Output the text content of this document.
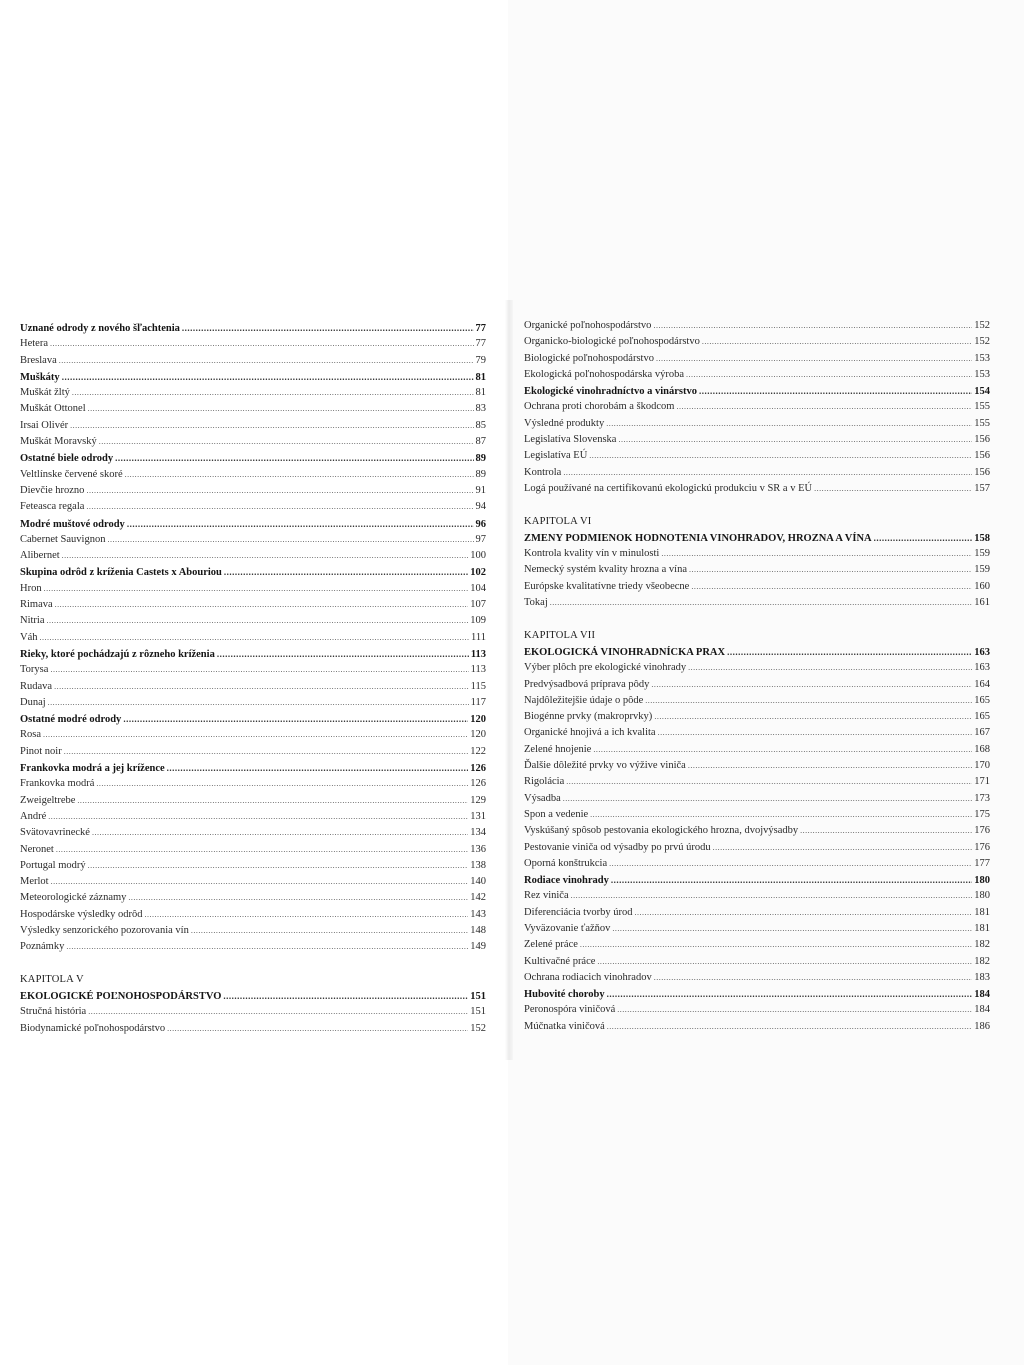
Uznané odrody z nového šľachtenia .....	77
Hetera .....	77
Breslava .....	79
Muškáty .....	81
Muškát žltý .....	81
Muškát Ottonel .....	83
Irsai Olivér .....	85
Muškát Moravský .....	87
Ostatné biele odrody .....	89
Veltlínske červené skoré .....	89
Dievčie hrozno .....	91
Feteasca regala .....	94
Modré muštové odrody .....	96
Cabernet Sauvignon .....	97
Alibernet .....	100
Skupina odrôd z kríženia Castets x Abouriou .....	102
Hron .....	104
Rimava .....	107
Nitria .....	109
Váh .....	111
Rieky, ktoré pochádzajú z rôzneho kríženia .....	113
Torysa .....	113
Rudava .....	115
Dunaj .....	117
Ostatné modré odrody .....	120
Rosa .....	120
Pinot noir .....	122
Frankovka modrá a jej krížence .....	126
Frankovka modrá .....	126
Zweigeltrebe .....	129
André .....	131
Svätovavrinecké .....	134
Neronet .....	136
Portugal modrý .....	138
Merlot .....	140
Meteorologické záznamy .....	142
Hospodárske výsledky odrôd .....	143
Výsledky senzorického pozorovania vín .....	148
Poznámky .....	149
KAPITOLA V
EKOLOGICKÉ POĽNOHOSPODÁRSTVO .....	151
Stručná história .....	151
Biodynamické poľnohospodárstvo .....	152
Organické poľnohospodárstvo .....	152
Organicko-biologické poľnohospodárstvo .....	152
Biologické poľnohospodárstvo .....	153
Ekologická poľnohospodárska výroba .....	153
Ekologické vinohradníctvo a vinárstvo .....	154
Ochrana proti chorobám a škodcom .....	155
Výsledné produkty .....	155
Legislatíva Slovenska .....	156
Legislatíva EÚ .....	156
Kontrola .....	156
Logá používané na certifikovanú ekologickú produkciu v SR a v EÚ .....	157
KAPITOLA VI
ZMENY PODMIENOK HODNOTENIA VINOHRADOV, HROZNA A VÍNA .....	158
Kontrola kvality vín v minulosti .....	159
Nemecký systém kvality hrozna a vína .....	159
Európske kvalitatívne triedy všeobecne .....	160
Tokaj .....	161
KAPITOLA VII
EKOLOGICKÁ VINOHRADNÍCKA PRAX .....	163
Výber plôch pre ekologické vinohrady .....	163
Predvýsadbová príprava pôdy .....	164
Najdôležitejšie údaje o pôde .....	165
Biogénne prvky (makroprvky) .....	165
Organické hnojivá a ich kvalita .....	167
Zelené hnojenie .....	168
Ďalšie dôležité prvky vo výžive viniča .....	170
Rigolácia .....	171
Výsadba .....	173
Spon a vedenie .....	175
Vyskúšaný spôsob pestovania ekologického hrozna, dvojvýsadby .....	176
Pestovanie viniča od výsadby po prvú úrodu .....	176
Oporná konštrukcia .....	177
Rodiace vinohrady .....	180
Rez viniča .....	180
Diferenciácia tvorby úrod .....	181
Vyväzovanie ťažňov .....	181
Zelené práce .....	182
Kultivačné práce .....	182
Ochrana rodiacich vinohradov .....	183
Hubovité choroby .....	184
Peronospóra viničová .....	184
Múčnatka viničová .....	186
